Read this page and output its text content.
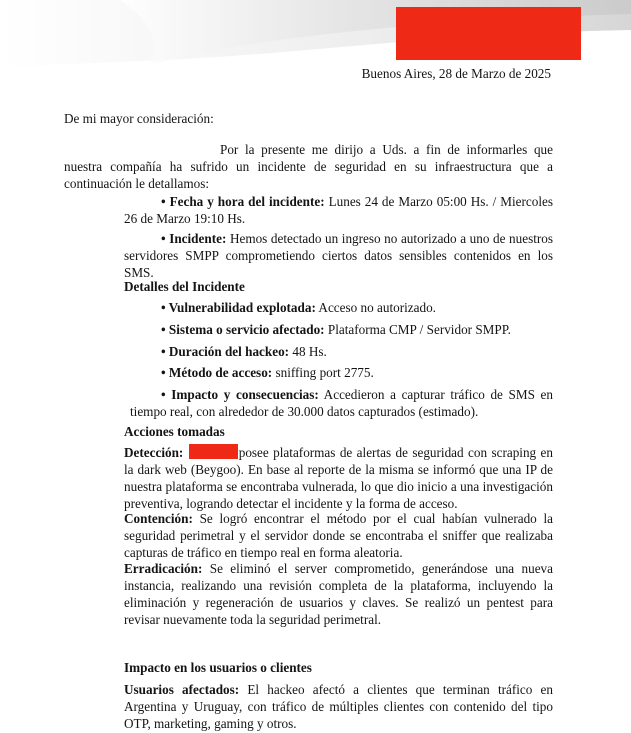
Buenos Aires, 28 de Marzo de 2025
De mi mayor consideración:
Por la presente me dirijo a Uds. a fin de informarles que nuestra compañía ha sufrido un incidente de seguridad en su infraestructura que a continuación le detallamos:
• Fecha y hora del incidente: Lunes 24 de Marzo 05:00 Hs. / Miercoles 26 de Marzo 19:10 Hs.
• Incidente: Hemos detectado un ingreso no autorizado a uno de nuestros servidores SMPP comprometiendo ciertos datos sensibles contenidos en los SMS.
Detalles del Incidente
• Vulnerabilidad explotada: Acceso no autorizado.
• Sistema o servicio afectado: Plataforma CMP / Servidor SMPP.
• Duración del hackeo: 48 Hs.
• Método de acceso: sniffing port 2775.
• Impacto y consecuencias: Accedieron a capturar tráfico de SMS en tiempo real, con alrededor de 30.000 datos capturados (estimado).
Acciones tomadas
Detección:	posee plataformas de alertas de seguridad con scraping en la dark web (Beygoo). En base al reporte de la misma se informó que una IP de nuestra plataforma se encontraba vulnerada, lo que dio inicio a una investigación preventiva, logrando detectar el incidente y la forma de acceso.
Contención: Se logró encontrar el método por el cual habían vulnerado la seguridad perimetral y el servidor donde se encontraba el sniffer que realizaba capturas de tráfico en tiempo real en forma aleatoria.
Erradicación: Se eliminó el server comprometido, generándose una nueva instancia, realizando una revisión completa de la plataforma, incluyendo la eliminación y regeneración de usuarios y claves. Se realizó un pentest para revisar nuevamente toda la seguridad perimetral.
Impacto en los usuarios o clientes
Usuarios afectados: El hackeo afectó a clientes que terminan tráfico en Argentina y Uruguay, con tráfico de múltiples clientes con contenido del tipo OTP, marketing, gaming y otros.
